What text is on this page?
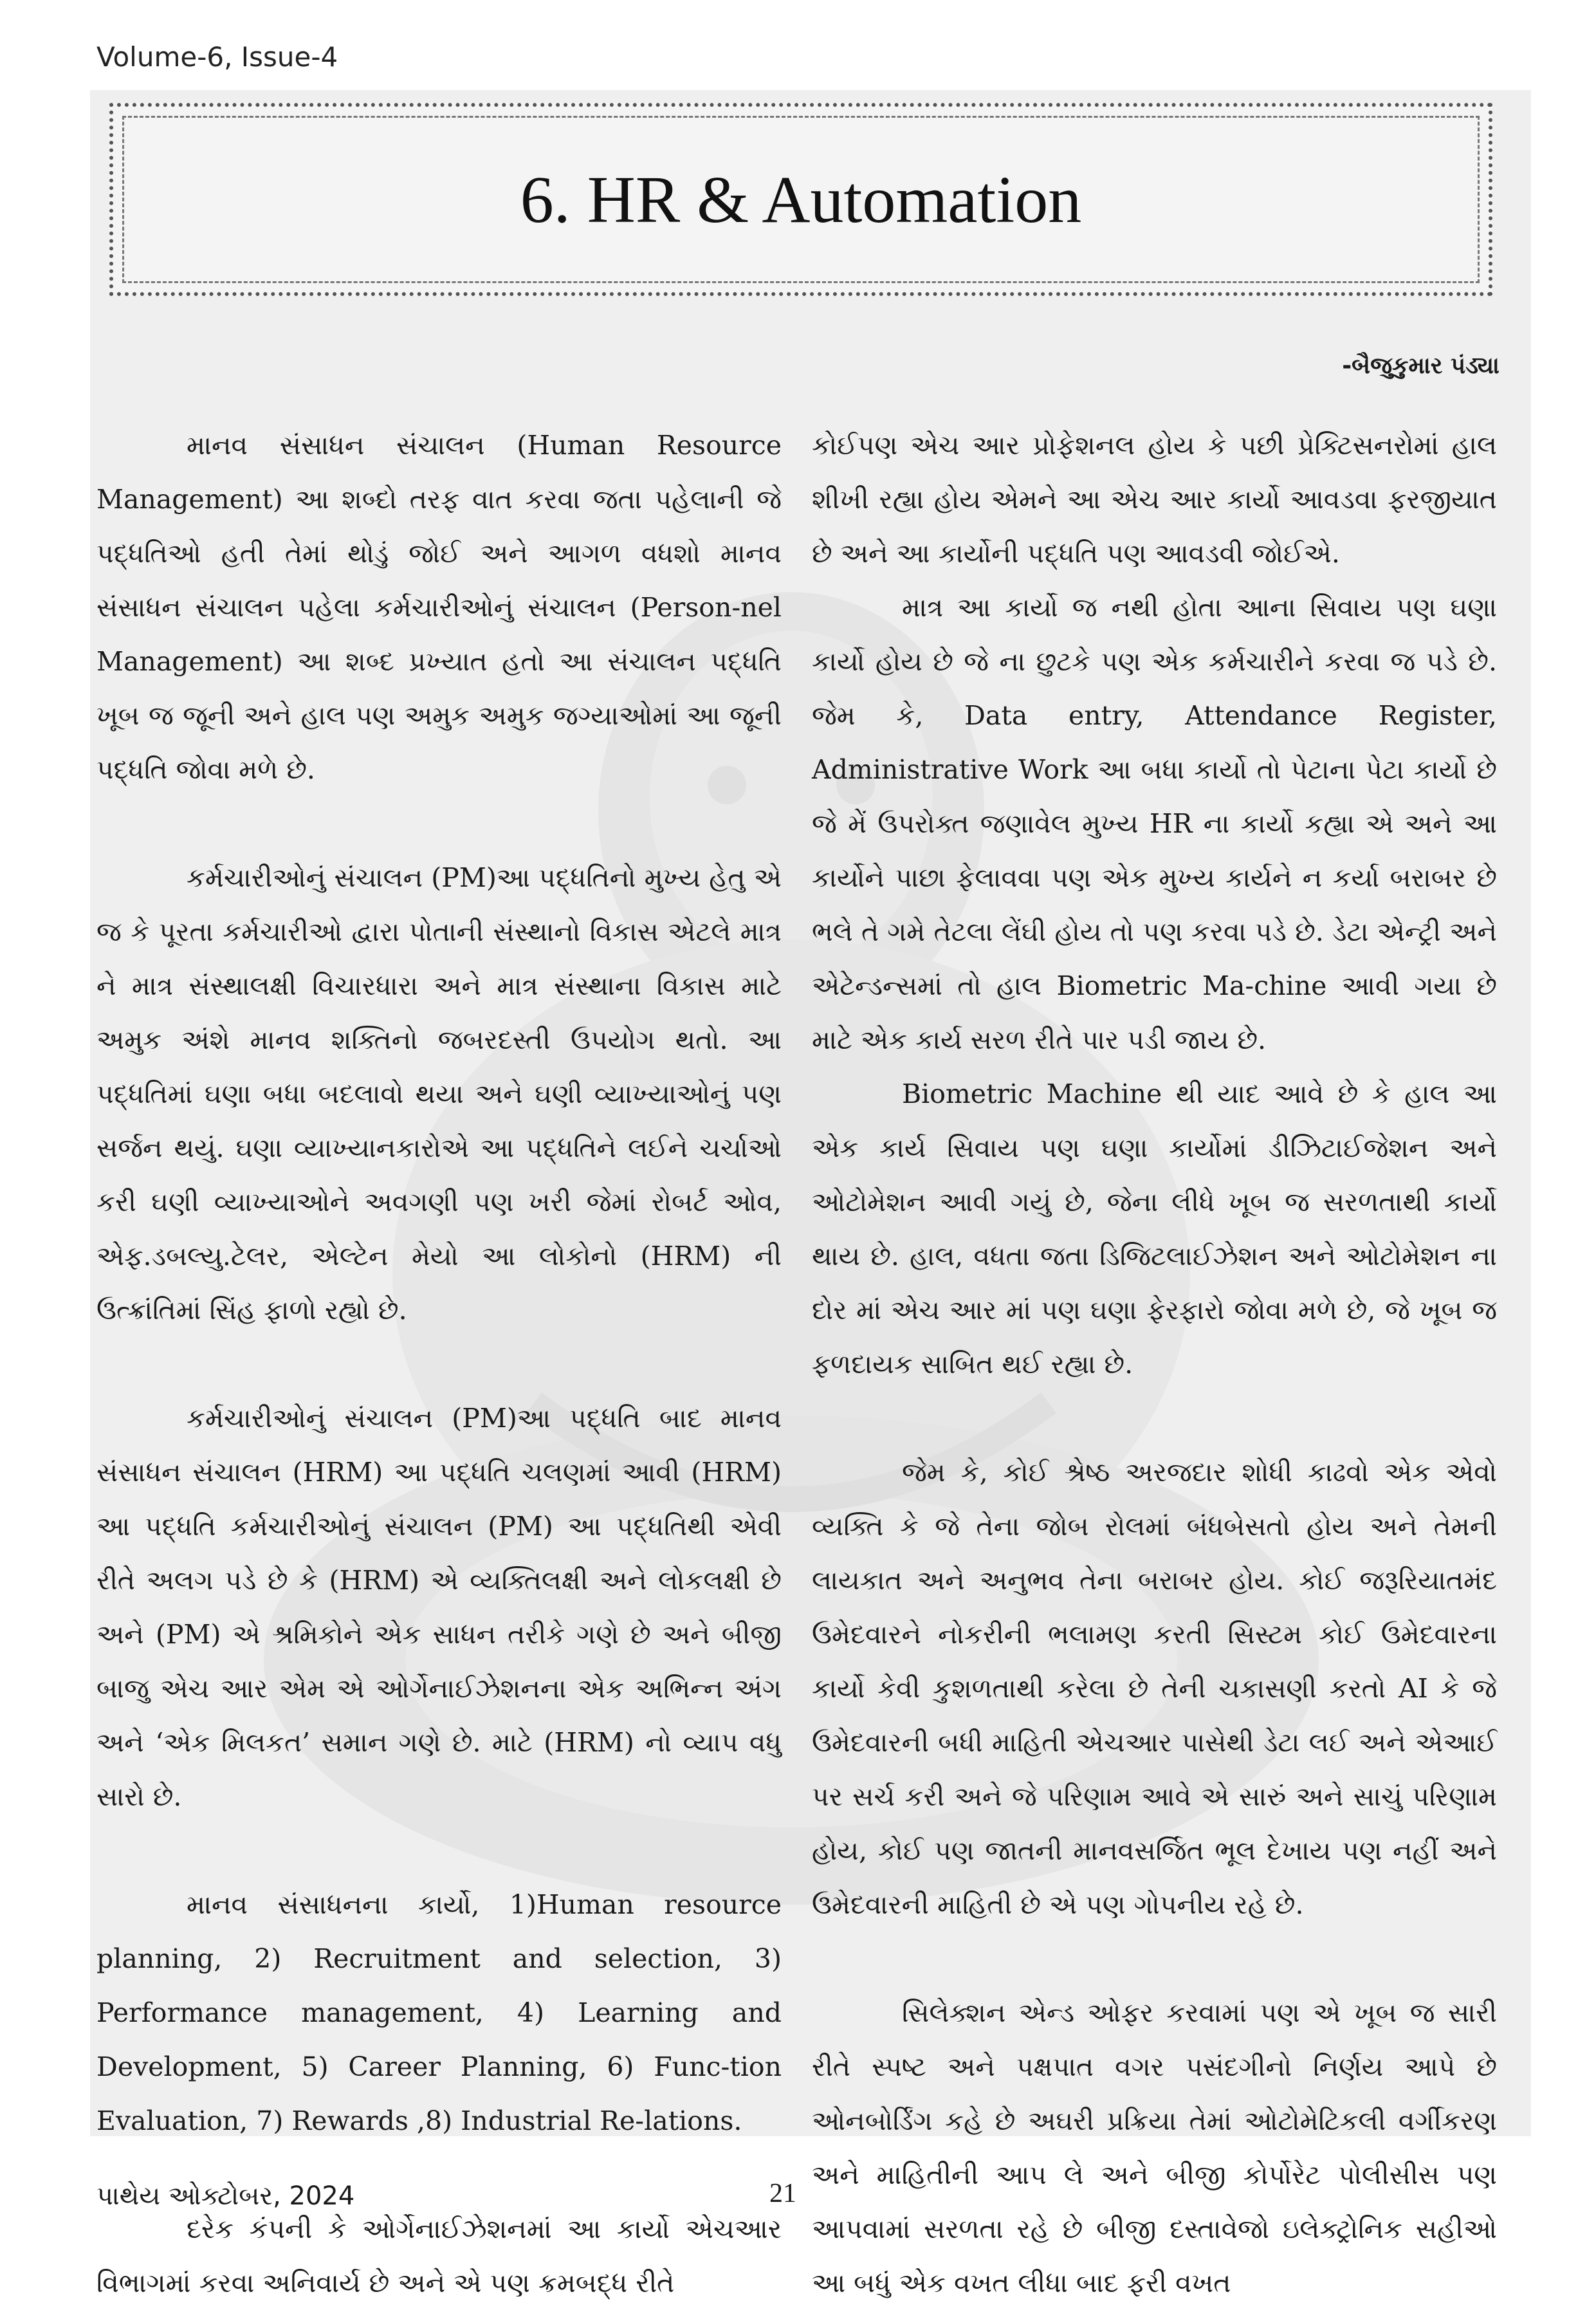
Volume-6, Issue-4
6. HR & Automation
-બૈજુકુમાર પંડ્યા

માનવ સંસાધન સંચાલન (Human Resource Management) આ શબ્દો તરફ વાત કરવા જતા પહેલાની જે પદ્ધતિઓ હતી તેમાં થોડું જોઈ અને આગળ વધશો માનવ સંસાધન સંચાલન પહેલા કર્મચારીઓનું સંચાલન (Person-nel Management) આ શબ્દ પ્રખ્યાત હતો આ સંચાલન પદ્ધતિ ખૂબ જ જૂની અને હાલ પણ અમુક અમુક જગ્યાઓમાં આ જૂની પદ્ધતિ જોવા મળે છે.

કર્મચારીઓનું સંચાલન (PM)આ પદ્ધતિનો મુખ્ય હેતુ એ જ કે પૂરતા કર્મચારીઓ દ્વારા પોતાની સંસ્થાનો વિકાસ એટલે માત્ર ને માત્ર સંસ્થાલક્ષી વિચારધારા અને માત્ર સંસ્થાના વિકાસ માટે અમુક અંશે માનવ શક્તિનો જબરદસ્તી ઉપયોગ થતો. આ પદ્ધતિમાં ઘણા બધા બદલાવો થયા અને ઘણી વ્યાખ્યાઓનું પણ સર્જન થયું. ઘણા વ્યાખ્યાનકારોએ આ પદ્ધતિને લઈને ચર્ચાઓ કરી ઘણી વ્યાખ્યાઓને અવગણી પણ ખરી જેમાં રોબર્ટ ઓવ, એફ.ડબલ્યુ.ટેલર, એલ્ટેન મેયો આ લોકોનો (HRM) ની ઉત્ક્રાંતિમાં સિંહ ફાળો રહ્યો છે.

કર્મચારીઓનું સંચાલન (PM)આ પદ્ધતિ બાદ માનવ સંસાધન સંચાલન (HRM) આ પદ્ધતિ ચલણમાં આવી (HRM) આ પદ્ધતિ કર્મચારીઓનું સંચાલન (PM) આ પદ્ધતિથી એવી રીતે અલગ પડે છે કે (HRM) એ વ્યક્તિલક્ષી અને લોકલક્ષી છે અને (PM) એ શ્રમિકોને એક સાધન તરીકે ગણે છે અને બીજી બાજુ એચ આર એમ એ ઓર્ગેનાઈઝેશનના એક અભિન્ન અંગ અને ‘એક મિલકત’ સમાન ગણે છે. માટે (HRM) નો વ્યાપ વધુ સારો છે.

માનવ સંસાધનના કાર્યો, 1)Human resource planning, 2) Recruitment and selection, 3) Performance management, 4) Learning and Development, 5) Career Planning, 6) Func-tion Evaluation, 7) Rewards ,8) Industrial Re-lations.

દરેક કંપની કે ઓર્ગેનાઈઝેશનમાં આ કાર્યો એચઆર વિભાગમાં કરવા અનિવાર્ય છે અને એ પણ ક્રમબદ્ધ રીતે

કોઈપણ એચ આર પ્રોફેશનલ હોય કે પછી પ્રેક્ટિસનરોમાં હાલ શીખી રહ્યા હોય એમને આ એચ આર કાર્યો આવડવા ફરજીયાત છે અને આ કાર્યોની પદ્ધતિ પણ આવડવી જોઈએ.

માત્ર આ કાર્યો જ નથી હોતા આના સિવાય પણ ઘણા કાર્યો હોય છે જે ના છુટકે પણ એક કર્મચારીને કરવા જ પડે છે. જેમ કે, Data entry, Attendance Register, Administrative Work આ બધા કાર્યો તો પેટાના પેટા કાર્યો છે જે મેં ઉપરોક્ત જણાવેલ મુખ્ય HR ના કાર્યો કહ્યા એ અને આ કાર્યોને પાછા ફેલાવવા પણ એક મુખ્ય કાર્યને ન કર્યા બરાબર છે ભલે તે ગમે તેટલા લેંઘી હોય તો પણ કરવા પડે છે. ડેટા એન્ટ્રી અને એટેન્ડન્સમાં તો હાલ Biometric Ma-chine આવી ગયા છે માટે એક કાર્ય સરળ રીતે પાર પડી જાય છે.

Biometric Machine થી યાદ આવે છે કે હાલ આ એક કાર્ય સિવાય પણ ઘણા કાર્યોમાં ડીઝિટાઈજેશન અને ઓટોમેશન આવી ગયું છે, જેના લીધે ખૂબ જ સરળતાથી કાર્યો થાય છે. હાલ, વધતા જતા ડિજિટલાઈઝેશન અને ઓટોમેશન ના દોર માં એચ આર માં પણ ઘણા ફેરફારો જોવા મળે છે, જે ખૂબ જ ફળદાયક સાબિત થઈ રહ્યા છે.

જેમ કે, કોઈ શ્રેષ્ઠ અરજદાર શોધી કાઢવો એક એવો વ્યક્તિ કે જે તેના જોબ રોલમાં બંધબેસતો હોય અને તેમની લાયકાત અને અનુભવ તેના બરાબર હોય. કોઈ જરૂરિયાતમંદ ઉમેદવારને નોકરીની ભલામણ કરતી સિસ્ટમ કોઈ ઉમેદવારના કાર્યો કેવી કુશળતાથી કરેલા છે તેની ચકાસણી કરતો AI કે જે ઉમેદવારની બધી માહિતી એચઆર પાસેથી ડેટા લઈ અને એઆઈ પર સર્ચ કરી અને જે પરિણામ આવે એ સારું અને સાચું પરિણામ હોય, કોઈ પણ જાતની માનવસર્જિત ભૂલ દેખાય પણ નહીં અને ઉમેદવારની માહિતી છે એ પણ ગોપનીય રહે છે.

સિલેક્શન એન્ડ ઓફર કરવામાં પણ એ ખૂબ જ સારી રીતે સ્પષ્ટ અને પક્ષપાત વગર પસંદગીનો નિર્ણય આપે છે ઓનબોર્ડિંગ કહે છે અઘરી પ્રક્રિયા તેમાં ઓટોમેટિકલી વર્ગીકરણ અને માહિતીની આપ લે અને બીજી કોર્પોરેટ પોલીસીસ પણ આપવામાં સરળતા રહે છે બીજી દસ્તાવેજો ઇલેક્ટ્રોનિક સહીઓ આ બધું એક વખત લીધા બાદ ફરી વખત

પાથેય ઓક્ટોબર, 2024	21
